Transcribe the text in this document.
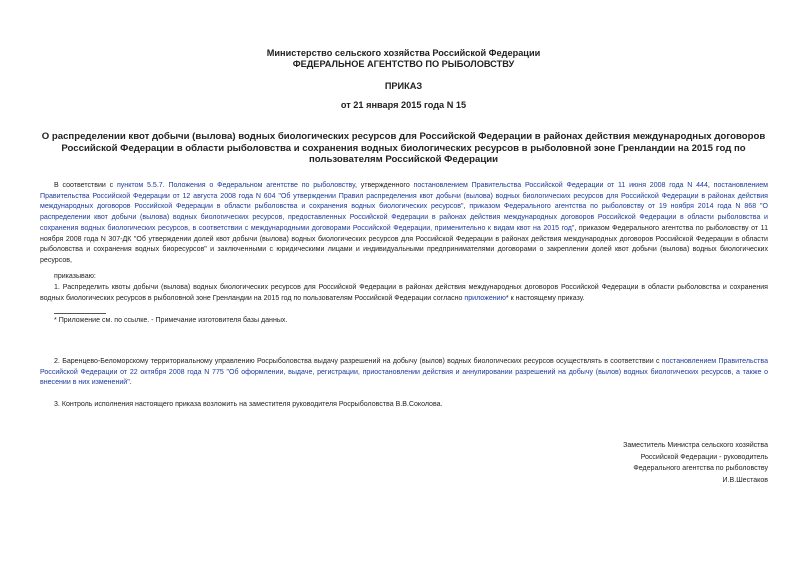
Министерство сельского хозяйства Российской Федерации
ФЕДЕРАЛЬНОЕ АГЕНТСТВО ПО РЫБОЛОВСТВУ
ПРИКАЗ
от 21 января 2015 года N 15
О распределении квот добычи (вылова) водных биологических ресурсов для Российской Федерации в районах действия международных договоров Российской Федерации в области рыболовства и сохранения водных биологических ресурсов в рыболовной зоне Гренландии на 2015 год по пользователям Российской Федерации
В соответствии с пунктом 5.5.7. Положения о Федеральном агентстве по рыболовству, утвержденного постановлением Правительства Российской Федерации от 11 июня 2008 года N 444, постановлением Правительства Российской Федерации от 12 августа 2008 года N 604 "Об утверждении Правил распределения квот добычи (вылова) водных биологических ресурсов для Российской Федерации в районах действия международных договоров Российской Федерации в области рыболовства и сохранения водных биологических ресурсов", приказом Федерального агентства по рыболовству от 19 ноября 2014 года N 868 "О распределении квот добычи (вылова) водных биологических ресурсов, предоставленных Российской Федерации в районах действия международных договоров Российской Федерации в области рыболовства и сохранения водных биологических ресурсов, в соответствии с международными договорами Российской Федерации, применительно к видам квот на 2015 год", приказом Федерального агентства по рыболовству от 11 ноября 2008 года N 307-ДК "Об утверждении долей квот добычи (вылова) водных биологических ресурсов для Российской Федерации в районах действия международных договоров Российской Федерации в области рыболовства и сохранения водных биоресурсов" и заключенными с юридическими лицами и индивидуальными предпринимателями договорами о закреплении долей квот добычи (вылова) водных биологических ресурсов,
приказываю:
1. Распределить квоты добычи (вылова) водных биологических ресурсов для Российской Федерации в районах действия международных договоров Российской Федерации в области рыболовства и сохранения водных биологических ресурсов в рыболовной зоне Гренландии на 2015 год по пользователям Российской Федерации согласно приложению* к настоящему приказу.
* Приложение см. по ссылке. - Примечание изготовителя базы данных.
2. Баренцево-Беломорскому территориальному управлению Росрыболовства выдачу разрешений на добычу (вылов) водных биологических ресурсов осуществлять в соответствии с постановлением Правительства Российской Федерации от 22 октября 2008 года N 775 "Об оформлении, выдаче, регистрации, приостановлении действия и аннулировании разрешений на добычу (вылов) водных биологических ресурсов, а также о внесении в них изменений".
3. Контроль исполнения настоящего приказа возложить на заместителя руководителя Росрыболовства В.В.Соколова.
Заместитель Министра сельского хозяйства
Российской Федерации - руководитель
Федерального агентства по рыболовству
И.В.Шестаков
